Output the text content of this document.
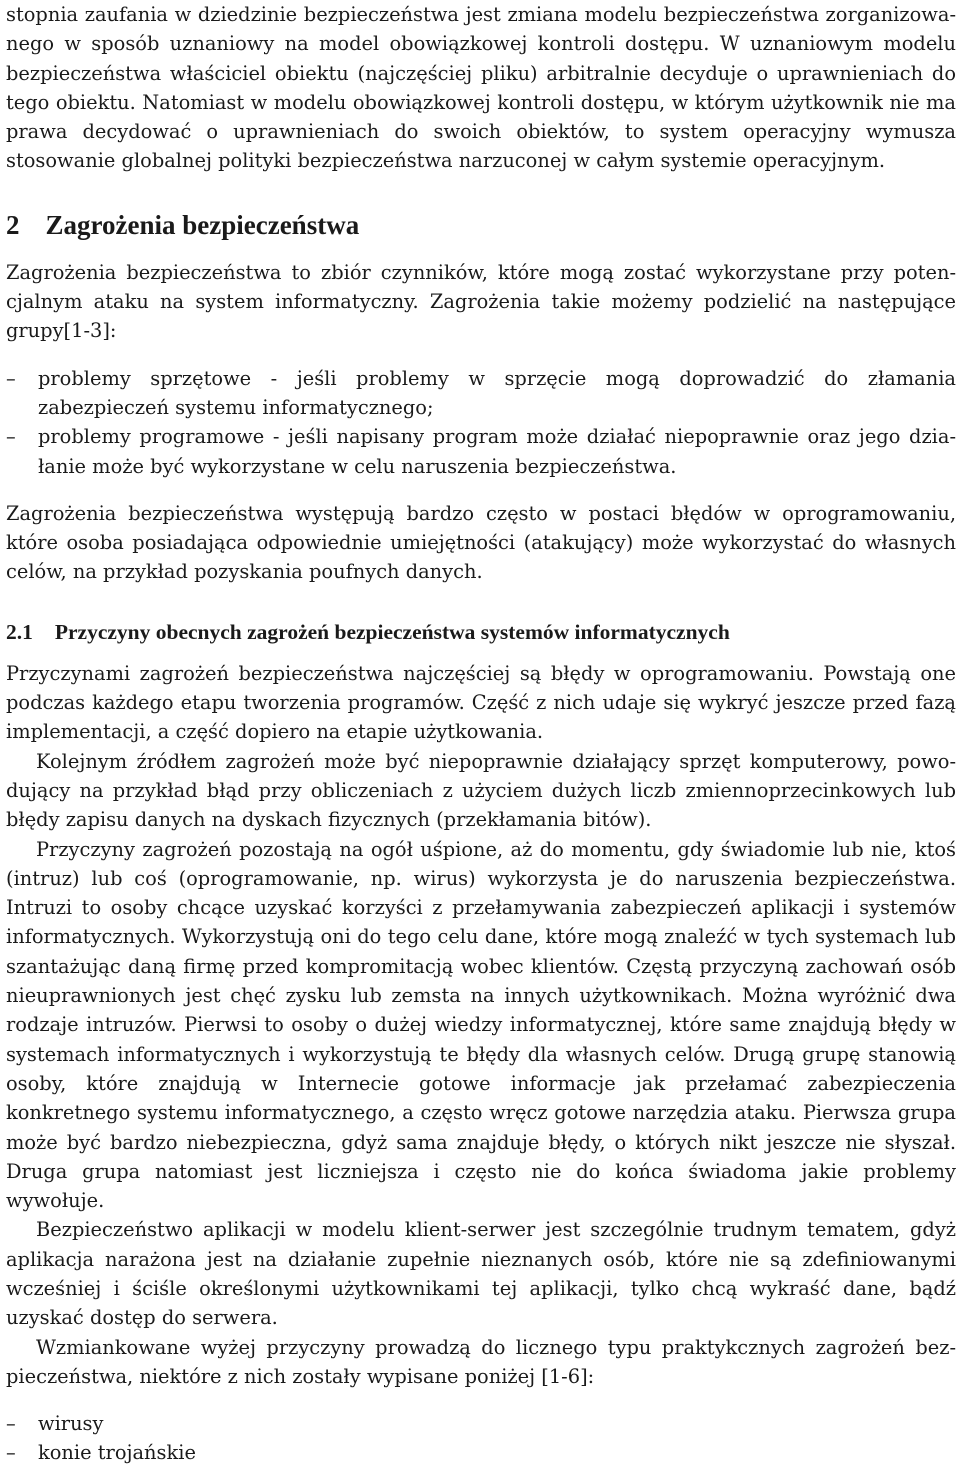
stopnia zaufania w dziedzinie bezpieczeństwa jest zmiana modelu bezpieczeństwa zorganizowanego w sposób uznaniowy na model obowiązkowej kontroli dostępu. W uznaniowym modelu bezpieczeństwa właściciel obiektu (najczęściej pliku) arbitralnie decyduje o uprawnieniach do tego obiektu. Natomiast w modelu obowiązkowej kontroli dostępu, w którym użytkownik nie ma prawa decydować o uprawnieniach do swoich obiektów, to system operacyjny wymusza stosowanie globalnej polityki bezpieczeństwa narzuconej w całym systemie operacyjnym.

2 Zagrożenia bezpieczeństwa

Zagrożenia bezpieczeństwa to zbiór czynników, które mogą zostać wykorzystane przy potencjalnym ataku na system informatyczny. Zagrożenia takie możemy podzielić na następujące grupy[1-3]:

– problemy sprzętowe - jeśli problemy w sprzęcie mogą doprowadzić do złamania zabezpieczeń systemu informatycznego;
– problemy programowe - jeśli napisany program może działać niepoprawnie oraz jego działanie może być wykorzystane w celu naruszenia bezpieczeństwa.

Zagrożenia bezpieczeństwa występują bardzo często w postaci błędów w oprogramowaniu, które osoba posiadająca odpowiednie umiejętności (atakujący) może wykorzystać do własnych celów, na przykład pozyskania poufnych danych.

2.1 Przyczyny obecnych zagrożeń bezpieczeństwa systemów informatycznych

Przyczynami zagrożeń bezpieczeństwa najczęściej są błędy w oprogramowaniu. Powstają one podczas każdego etapu tworzenia programów. Część z nich udaje się wykryć jeszcze przed fazą implementacji, a część dopiero na etapie użytkowania.

Kolejnym źródłem zagrożeń może być niepoprawnie działający sprzęt komputerowy, powodujący na przykład błąd przy obliczeniach z użyciem dużych liczb zmiennoprzecinkowych lub błędy zapisu danych na dyskach fizycznych (przekłamania bitów).

Przyczyny zagrożeń pozostają na ogół uśpione, aż do momentu, gdy świadomie lub nie, ktoś (intruz) lub coś (oprogramowanie, np. wirus) wykorzysta je do naruszenia bezpieczeństwa. Intruzi to osoby chcące uzyskać korzyści z przełamywania zabezpieczeń aplikacji i systemów informatycznych. Wykorzystują oni do tego celu dane, które mogą znaleźć w tych systemach lub szantażując daną firmę przed kompromitacją wobec klientów. Częstą przyczyną zachowań osób nieuprawnionych jest chęć zysku lub zemsta na innych użytkownikach. Można wyróżnić dwa rodzaje intruzów. Pierwsi to osoby o dużej wiedzy informatycznej, które same znajdują błędy w systemach informatycznych i wykorzystują te błędy dla własnych celów. Drugą grupę stanowią osoby, które znajdują w Internecie gotowe informacje jak przełamać zabezpieczenia konkretnego systemu informatycznego, a często wręcz gotowe narzędzia ataku. Pierwsza grupa może być bardzo niebezpieczna, gdyż sama znajduje błędy, o których nikt jeszcze nie słyszał. Druga grupa natomiast jest liczniejsza i często nie do końca świadoma jakie problemy wywołuje.

Bezpieczeństwo aplikacji w modelu klient-serwer jest szczególnie trudnym tematem, gdyż aplikacja narażona jest na działanie zupełnie nieznanych osób, które nie są zdefiniowanymi wcześniej i ściśle określonymi użytkownikami tej aplikacji, tylko chcą wykraść dane, bądź uzyskać dostęp do serwera.

Wzmiankowane wyżej przyczyny prowadzą do licznego typu praktykcznych zagrożeń bezpieczeństwa, niektóre z nich zostały wypisane poniżej [1-6]:

– wirusy
– konie trojańskie
